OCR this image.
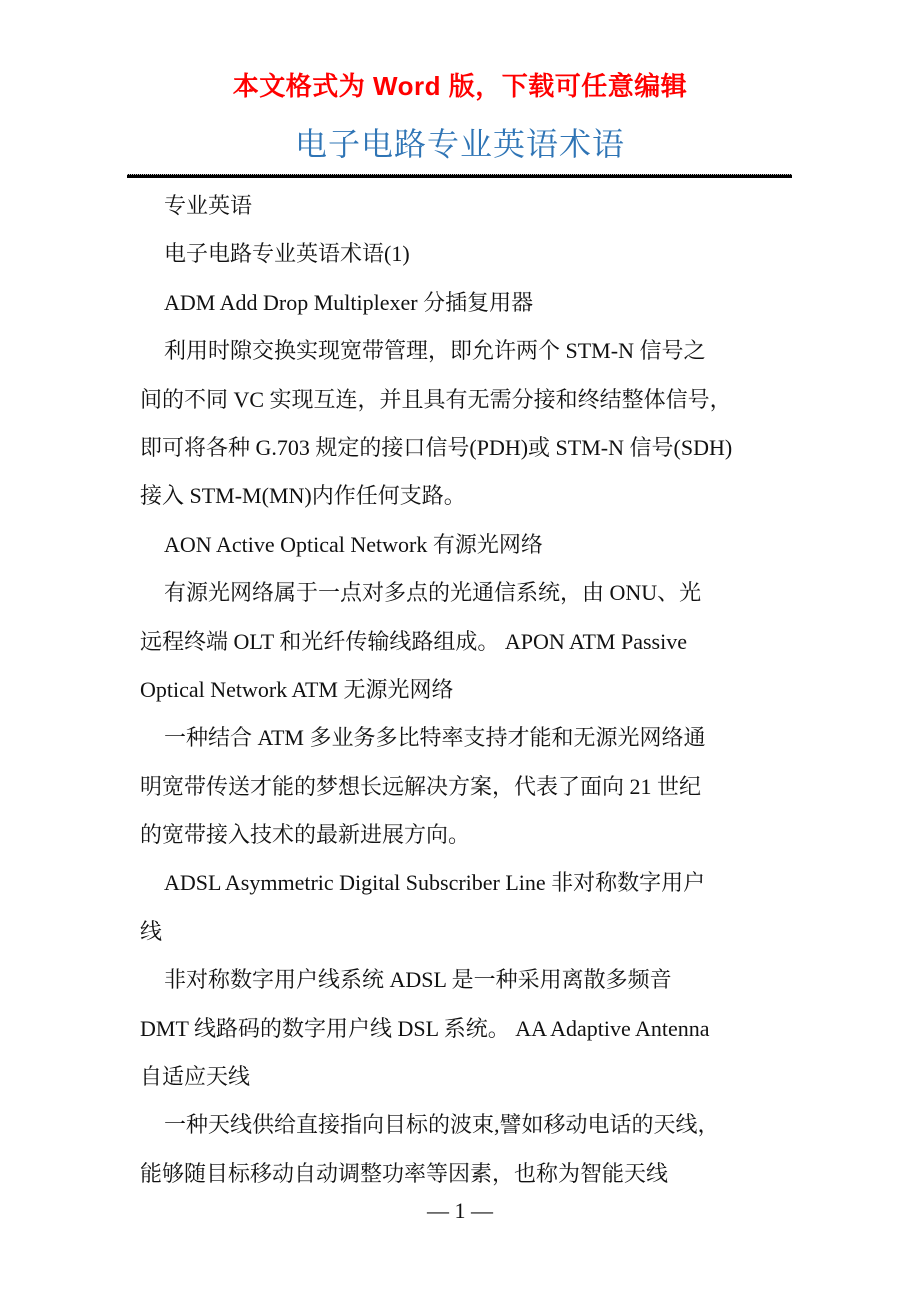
本文格式为 Word 版，下载可任意编辑
电子电路专业英语术语
专业英语
电子电路专业英语术语(1)
ADM Add Drop Multiplexer 分插复用器
利用时隙交换实现宽带管理，即允许两个 STM-N 信号之
间的不同 VC 实现互连，并且具有无需分接和终结整体信号，
即可将各种 G.703 规定的接口信号(PDH)或 STM-N 信号(SDH)
接入 STM-M(MN)内作任何支路。
AON Active Optical Network 有源光网络
有源光网络属于一点对多点的光通信系统，由 ONU、光
远程终端 OLT 和光纤传输线路组成。 APON ATM Passive
Optical Network ATM 无源光网络
一种结合 ATM 多业务多比特率支持才能和无源光网络通
明宽带传送才能的梦想长远解决方案，代表了面向 21 世纪
的宽带接入技术的最新进展方向。
ADSL Asymmetric Digital Subscriber Line 非对称数字用户
线
非对称数字用户线系统 ADSL 是一种采用离散多频音
DMT 线路码的数字用户线 DSL 系统。 AA Adaptive Antenna
自适应天线
一种天线供给直接指向目标的波束,譬如移动电话的天线，
能够随目标移动自动调整功率等因素，也称为智能天线
— 1 —
